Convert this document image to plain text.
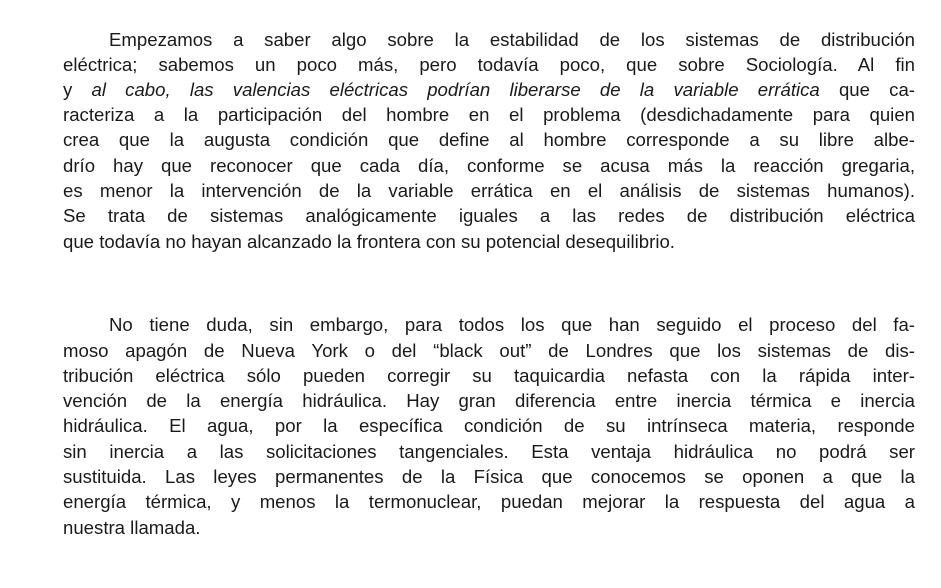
Empezamos a saber algo sobre la estabilidad de los sistemas de distribución
eléctrica; sabemos un poco más, pero todavía poco, que sobre Sociología. Al fin
y al cabo, las valencias eléctricas podrían liberarse de la variable errática que ca-
racteriza a la participación del hombre en el problema (desdichadamente para quien
crea que la augusta condición que define al hombre corresponde a su libre albe-
drío hay que reconocer que cada día, conforme se acusa más la reacción gregaria,
es menor la intervención de la variable errática en el análisis de sistemas humanos).
Se trata de sistemas analógicamente iguales a las redes de distribución eléctrica
que todavía no hayan alcanzado la frontera con su potencial desequilibrio.
No tiene duda, sin embargo, para todos los que han seguido el proceso del fa-
moso apagón de Nueva York o del “black out” de Londres que los sistemas de dis-
tribución eléctrica sólo pueden corregir su taquicardia nefasta con la rápida inter-
vención de la energía hidráulica. Hay gran diferencia entre inercia térmica e inercia
hidráulica. El agua, por la específica condición de su intrínseca materia, responde
sin inercia a las solicitaciones tangenciales. Esta ventaja hidráulica no podrá ser
sustituida. Las leyes permanentes de la Física que conocemos se oponen a que la
energía térmica, y menos la termonuclear, puedan mejorar la respuesta del agua a
nuestra llamada.
